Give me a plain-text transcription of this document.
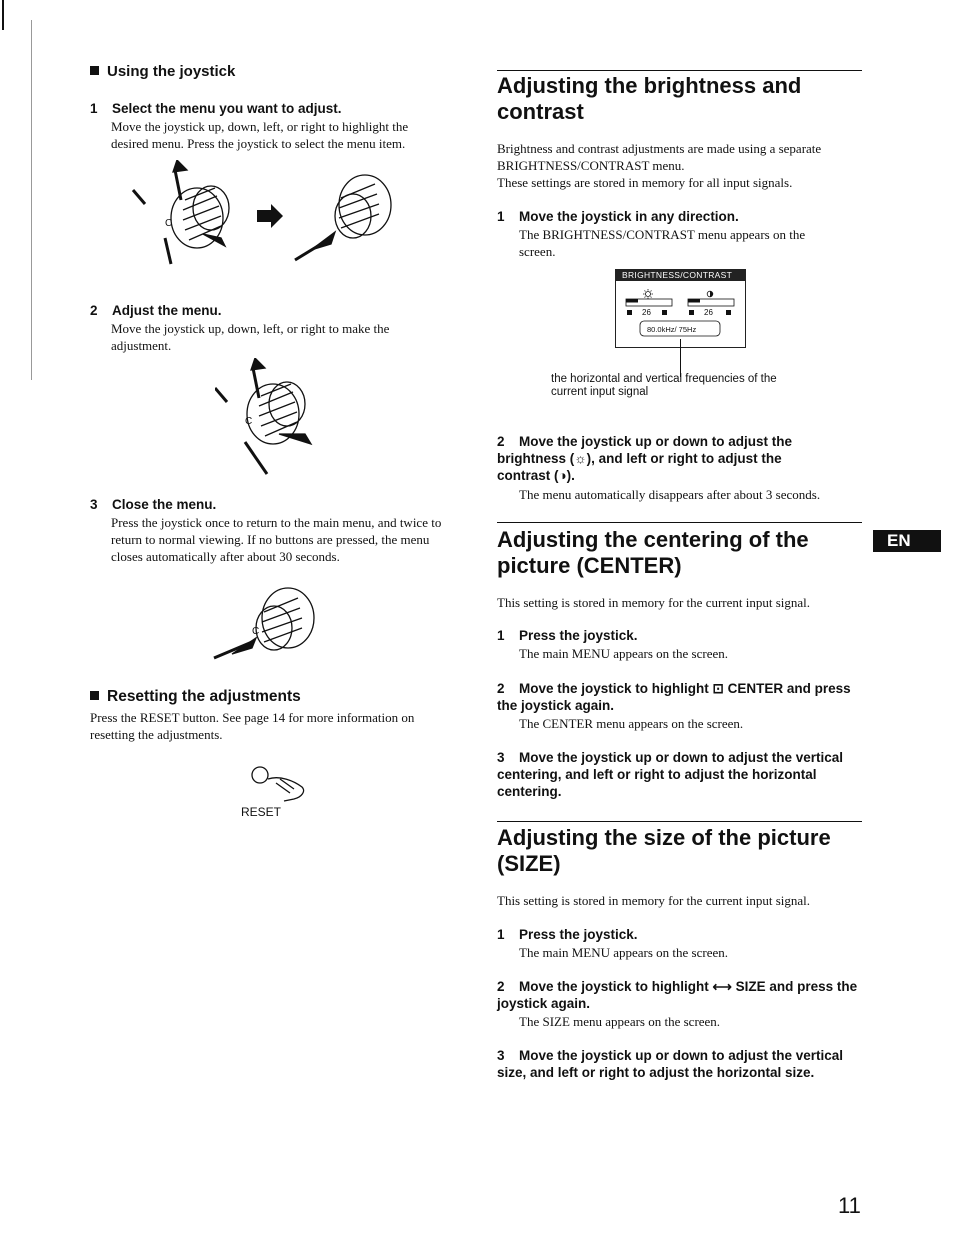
Using the joystick
1 Select the menu you want to adjust.
Move the joystick up, down, left, or right to highlight the desired menu. Press the joystick to select the menu item.
C
2 Adjust the menu.
Move the joystick up, down, left, or right to make the adjustment.
C
3 Close the menu.
Press the joystick once to return to the main menu, and twice to return to normal viewing. If no buttons are pressed, the menu closes automatically after about 30 seconds.
C
Resetting the adjustments
Press the RESET button. See page 14 for more information on resetting the adjustments.
RESET
Adjusting the brightness and contrast
Brightness and contrast adjustments are made using a separate BRIGHTNESS/CONTRAST menu.
These settings are stored in memory for all input signals.
1 Move the joystick in any direction.
The BRIGHTNESS/CONTRAST menu appears on the screen.
BRIGHTNESS/CONTRAST
26	26
80.0kHz/ 75Hz
the horizontal and vertical frequencies of the current input signal
2 Move the joystick up or down to adjust the brightness (☼), and left or right to adjust the contrast (◑).
The menu automatically disappears after about 3 seconds.
Adjusting the centering of the picture (CENTER)
EN
This setting is stored in memory for the current input signal.
1 Press the joystick.
The main MENU appears on the screen.
2 Move the joystick to highlight ⊡ CENTER and press the joystick again.
The CENTER menu appears on the screen.
3 Move the joystick up or down to adjust the vertical centering, and left or right to adjust the horizontal centering.
Adjusting the size of the picture (SIZE)
This setting is stored in memory for the current input signal.
1 Press the joystick.
The main MENU appears on the screen.
2 Move the joystick to highlight ⟷ SIZE and press the joystick again.
The SIZE menu appears on the screen.
3 Move the joystick up or down to adjust the vertical size, and left or right to adjust the horizontal size.
11
